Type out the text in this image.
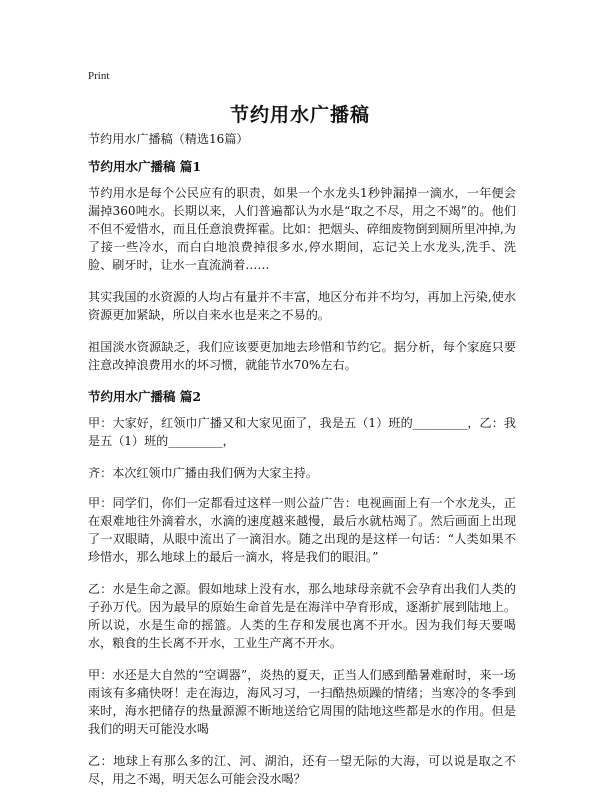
Print
节约用水广播稿

节约用水广播稿（精选16篇）

节约用水广播稿 篇1

节约用水是每个公民应有的职责，如果一个水龙头1秒钟漏掉一滴水，一年便会漏掉360吨水。长期以来，人们普遍都认为水是“取之不尽，用之不竭”的。他们不但不爱惜水，而且任意浪费挥霍。比如：把烟头、碎细废物倒到厕所里冲掉,为了接一些冷水，而白白地浪费掉很多水,停水期间，忘记关上水龙头,洗手、洗脸、刷牙时，让水一直流淌着……

其实我国的水资源的人均占有量并不丰富，地区分布并不均匀，再加上污染,使水资源更加紧缺，所以自来水也是来之不易的。

祖国淡水资源缺乏，我们应该要更加地去珍惜和节约它。据分析，每个家庭只要注意改掉浪费用水的坏习惯，就能节水70%左右。

节约用水广播稿 篇2

甲：大家好，红领巾广播又和大家见面了，我是五（1）班的_________，乙：我是五（1）班的_________，

齐：本次红领巾广播由我们俩为大家主持。

甲：同学们，你们一定都看过这样一则公益广告：电视画面上有一个水龙头，正在艰难地往外滴着水，水滴的速度越来越慢，最后水就枯竭了。然后画面上出现了一双眼睛，从眼中流出了一滴泪水。随之出现的是这样一句话：“人类如果不珍惜水，那么地球上的最后一滴水，将是我们的眼泪。”

乙：水是生命之源。假如地球上没有水，那么地球母亲就不会孕育出我们人类的子孙万代。因为最早的原始生命首先是在海洋中孕育形成，逐渐扩展到陆地上。所以说，水是生命的摇篮。人类的生存和发展也离不开水。因为我们每天要喝水，粮食的生长离不开水，工业生产离不开水。

甲：水还是大自然的“空调器”，炎热的夏天，正当人们感到酷暑难耐时，来一场雨该有多痛快呀！走在海边，海风习习，一扫酷热烦躁的情绪；当寒冷的冬季到来时，海水把储存的热量源源不断地送给它周围的陆地这些都是水的作用。但是我们的明天可能没水喝

乙：地球上有那么多的江、河、湖泊，还有一望无际的大海，可以说是取之不尽，用之不竭，明天怎么可能会没水喝？
